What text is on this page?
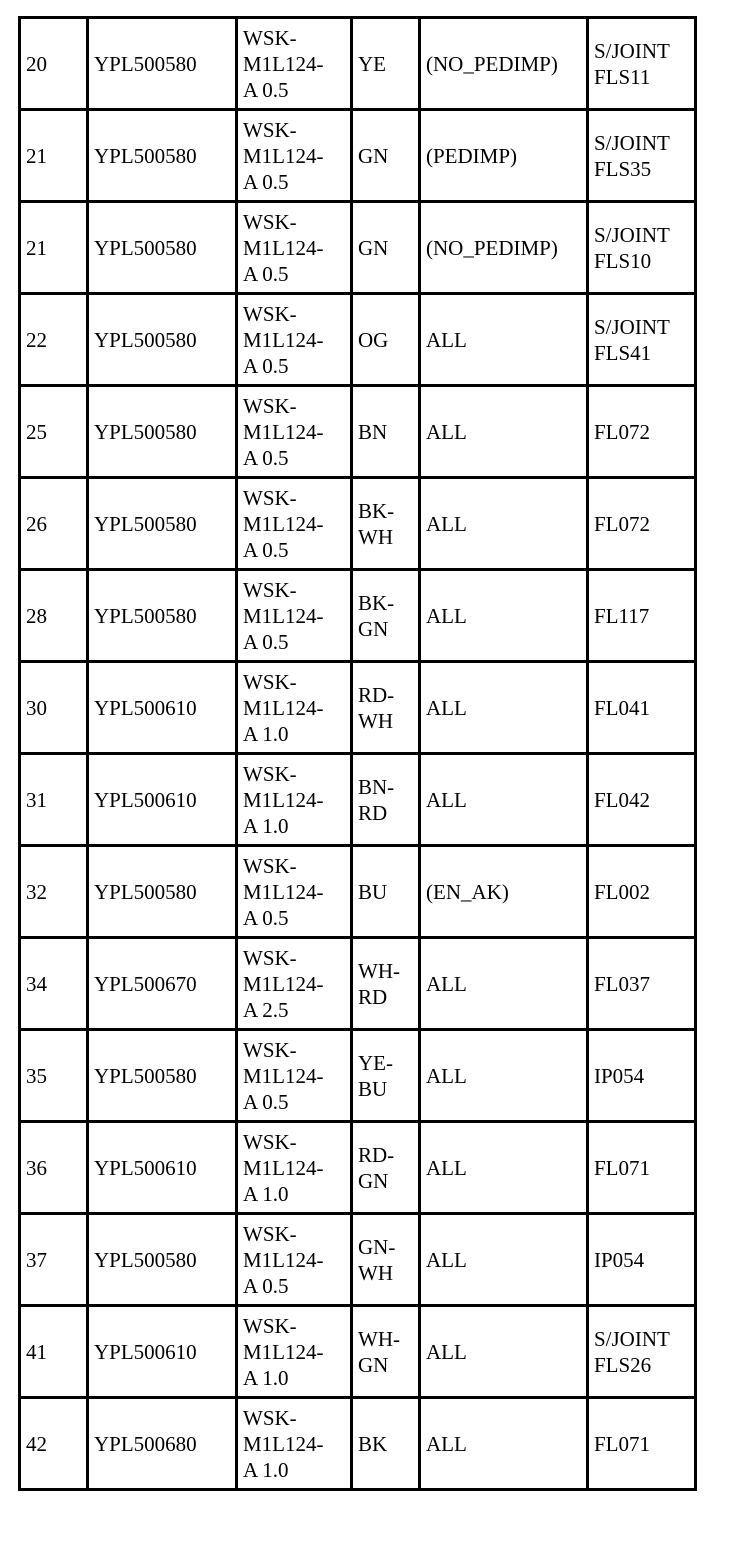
20	YPL500580	WSK-
M1L124-
A 0.5	YE	(NO_PEDIMP)	S/JOINT
FLS11
21	YPL500580	WSK-
M1L124-
A 0.5	GN	(PEDIMP)	S/JOINT
FLS35
21	YPL500580	WSK-
M1L124-
A 0.5	GN	(NO_PEDIMP)	S/JOINT
FLS10
22	YPL500580	WSK-
M1L124-
A 0.5	OG	ALL	S/JOINT
FLS41
25	YPL500580	WSK-
M1L124-
A 0.5	BN	ALL	FL072
26	YPL500580	WSK-
M1L124-
A 0.5	BK-
WH	ALL	FL072
28	YPL500580	WSK-
M1L124-
A 0.5	BK-
GN	ALL	FL117
30	YPL500610	WSK-
M1L124-
A 1.0	RD-
WH	ALL	FL041
31	YPL500610	WSK-
M1L124-
A 1.0	BN-
RD	ALL	FL042
32	YPL500580	WSK-
M1L124-
A 0.5	BU	(EN_AK)	FL002
34	YPL500670	WSK-
M1L124-
A 2.5	WH-
RD	ALL	FL037
35	YPL500580	WSK-
M1L124-
A 0.5	YE-
BU	ALL	IP054
36	YPL500610	WSK-
M1L124-
A 1.0	RD-
GN	ALL	FL071
37	YPL500580	WSK-
M1L124-
A 0.5	GN-
WH	ALL	IP054
41	YPL500610	WSK-
M1L124-
A 1.0	WH-
GN	ALL	S/JOINT
FLS26
42	YPL500680	WSK-
M1L124-
A 1.0	BK	ALL	FL071
